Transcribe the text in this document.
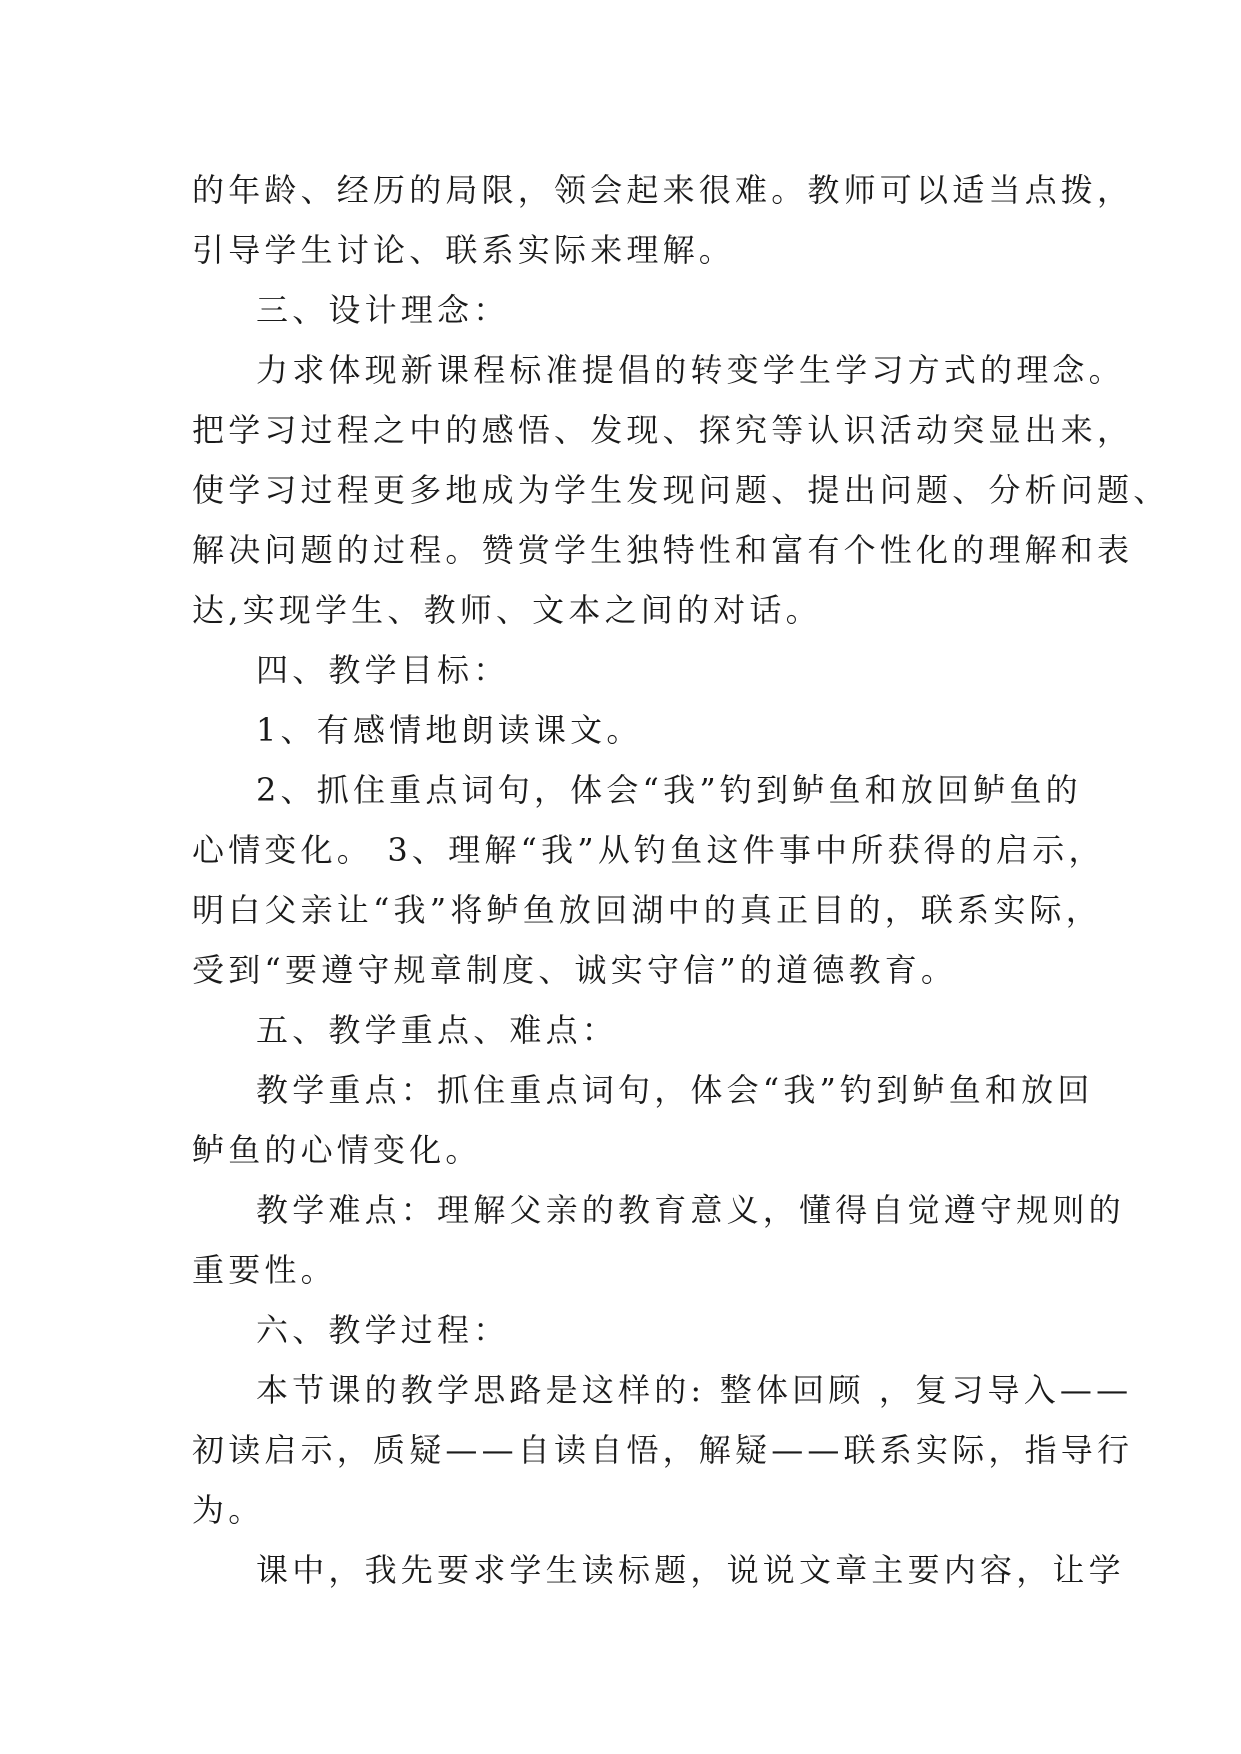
的年龄、经历的局限，领会起来很难。教师可以适当点拨，
引导学生讨论、联系实际来理解。
三、设计理念：
力求体现新课程标准提倡的转变学生学习方式的理念。
把学习过程之中的感悟、发现、探究等认识活动突显出来，
使学习过程更多地成为学生发现问题、提出问题、分析问题、
解决问题的过程。赞赏学生独特性和富有个性化的理解和表
达,实现学生、教师、文本之间的对话。
四、教学目标：
1、有感情地朗读课文。
2、抓住重点词句，体会“我”钓到鲈鱼和放回鲈鱼的
心情变化。 3、理解“我”从钓鱼这件事中所获得的启示，
明白父亲让“我”将鲈鱼放回湖中的真正目的，联系实际，
受到“要遵守规章制度、诚实守信”的道德教育。
五、教学重点、难点：
教学重点：抓住重点词句，体会“我”钓到鲈鱼和放回
鲈鱼的心情变化。
教学难点：理解父亲的教育意义，懂得自觉遵守规则的
重要性。
六、教学过程：
本节课的教学思路是这样的: 整体回顾 ，复习导入——
初读启示，质疑——自读自悟，解疑——联系实际，指导行
为。
课中，我先要求学生读标题，说说文章主要内容，让学
